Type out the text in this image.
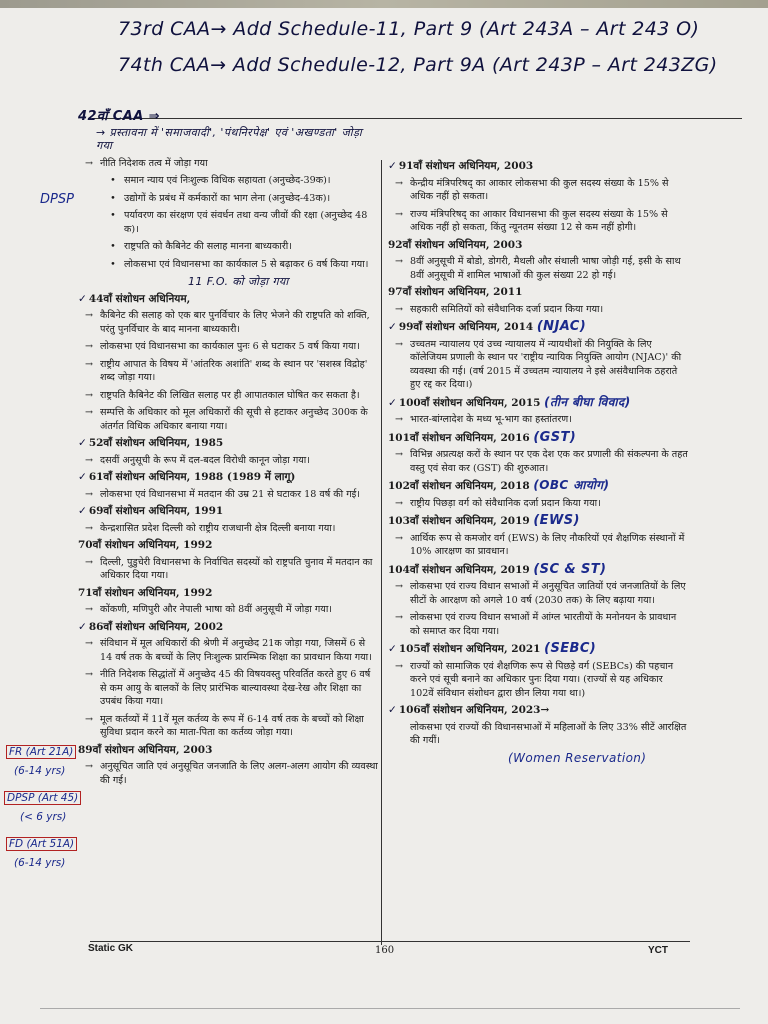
73rd CAA→ Add Schedule-11, Part 9 (Art 243A – Art 243 O)
74th CAA→ Add Schedule-12, Part 9A (Art 243P – Art 243ZG)
42वाँ CAA ⇒
→ प्रस्तावना में 'समाजवादी', 'पंथनिरपेक्ष' एवं 'अखण्डता' जोड़ा गया
→ नीति निदेशक तत्व में जोड़ा गया
• समान न्याय एवं निःशुल्क विधिक सहायता (अनुच्छेद-39क)।
• उद्योगों के प्रबंध में कर्मकारों का भाग लेना (अनुच्छेद-43क)।
• पर्यावरण का संरक्षण एवं संवर्धन तथा वन्य जीवों की रक्षा (अनुच्छेद 48 क)।
• राष्ट्रपति को कैबिनेट की सलाह मानना बाध्यकारी।
• लोकसभा एवं विधानसभा का कार्यकाल 5 से बढ़ाकर 6 वर्ष किया गया।
11 F.O. को जोड़ा गया
✓ 44वाँ संशोधन अधिनियम,
→ कैबिनेट की सलाह को एक बार पुनर्विचार के लिए भेजने की राष्ट्रपति को शक्ति, परंतु पुनर्विचार के बाद मानना बाध्यकारी।
→ लोकसभा एवं विधानसभा का कार्यकाल पुनः 6 से घटाकर 5 वर्ष किया गया।
→ राष्ट्रीय आपात के विषय में 'आंतरिक अशांति' शब्द के स्थान पर 'सशस्त्र विद्रोह' शब्द जोड़ा गया।
→ राष्ट्रपति कैबिनेट की लिखित सलाह पर ही आपातकाल घोषित कर सकता है।
→ सम्पत्ति के अधिकार को मूल अधिकारों की सूची से हटाकर अनुच्छेद 300क के अंतर्गत विधिक अधिकार बनाया गया।
✓ 52वाँ संशोधन अधिनियम, 1985
→ दसवीं अनुसूची के रूप में दल-बदल विरोधी कानून जोड़ा गया।
✓ 61वाँ संशोधन अधिनियम, 1988 (1989 में लागू)
→ लोकसभा एवं विधानसभा में मतदान की उम्र 21 से घटाकर 18 वर्ष की गई।
✓ 69वाँ संशोधन अधिनियम, 1991
→ केन्द्रशासित प्रदेश दिल्ली को राष्ट्रीय राजधानी क्षेत्र दिल्ली बनाया गया।
70वाँ संशोधन अधिनियम, 1992
→ दिल्ली, पुडुचेरी विधानसभा के निर्वाचित सदस्यों को राष्ट्रपति चुनाव में मतदान का अधिकार दिया गया।
71वाँ संशोधन अधिनियम, 1992
→ कोंकणी, मणिपुरी और नेपाली भाषा को 8वीं अनुसूची में जोड़ा गया।
✓ 86वाँ संशोधन अधिनियम, 2002
→ संविधान में मूल अधिकारों की श्रेणी में अनुच्छेद 21क जोड़ा गया, जिसमें 6 से 14 वर्ष तक के बच्चों के लिए निःशुल्क प्रारम्भिक शिक्षा का प्रावधान किया गया।
→ नीति निदेशक सिद्धांतों में अनुच्छेद 45 की विषयवस्तु परिवर्तित करते हुए 6 वर्ष से कम आयु के बालकों के लिए प्रारंभिक बाल्यावस्था देख-रेख और शिक्षा का उपबंध किया गया।
→ मूल कर्तव्यों में 11वें मूल कर्तव्य के रूप में 6-14 वर्ष तक के बच्चों को शिक्षा सुविधा प्रदान करने का माता-पिता का कर्तव्य जोड़ा गया।
89वाँ संशोधन अधिनियम, 2003
→ अनुसूचित जाति एवं अनुसूचित जनजाति के लिए अलग-अलग आयोग की व्यवस्था की गई।
DPSP
FR (Art 21A)
(6-14 yrs)
DPSP (Art 45)
(< 6 yrs)
FD (Art 51A)
(6-14 yrs)
✓ 91वाँ संशोधन अधिनियम, 2003
→ केन्द्रीय मंत्रिपरिषद् का आकार लोकसभा की कुल सदस्य संख्या के 15% से अधिक नहीं हो सकता।
→ राज्य मंत्रिपरिषद् का आकार विधानसभा की कुल सदस्य संख्या के 15% से अधिक नहीं हो सकता, किंतु न्यूनतम संख्या 12 से कम नहीं होगी।
92वाँ संशोधन अधिनियम, 2003
→ 8वीं अनुसूची में बोडो, डोगरी, मैथली और संथाली भाषा जोड़ी गई, इसी के साथ 8वीं अनुसूची में शामिल भाषाओं की कुल संख्या 22 हो गई।
97वाँ संशोधन अधिनियम, 2011
→ सहकारी समितियों को संवैधानिक दर्जा प्रदान किया गया।
✓ 99वाँ संशोधन अधिनियम, 2014 (NJAC)
→ उच्चतम न्यायालय एवं उच्च न्यायालय में न्यायधीशों की नियुक्ति के लिए कॉलेजियम प्रणाली के स्थान पर 'राष्ट्रीय न्यायिक नियुक्ति आयोग (NJAC)' की व्यवस्था की गई। (वर्ष 2015 में उच्चतम न्यायालय ने इसे असंवैधानिक ठहराते हुए रद्द कर दिया।)
✓ 100वाँ संशोधन अधिनियम, 2015 (तीन बीघा विवाद)
→ भारत-बांग्लादेश के मध्य भू-भाग का हस्तांतरण।
101वाँ संशोधन अधिनियम, 2016 (GST)
→ विभिन्न अप्रत्यक्ष करों के स्थान पर एक देश एक कर प्रणाली की संकल्पना के तहत वस्तु एवं सेवा कर (GST) की शुरुआत।
102वाँ संशोधन अधिनियम, 2018 (OBC आयोग)
→ राष्ट्रीय पिछड़ा वर्ग को संवैधानिक दर्जा प्रदान किया गया।
103वाँ संशोधन अधिनियम, 2019 (EWS)
→ आर्थिक रूप से कमजोर वर्ग (EWS) के लिए नौकरियों एवं शैक्षणिक संस्थानों में 10% आरक्षण का प्रावधान।
104वाँ संशोधन अधिनियम, 2019 (SC & ST)
→ लोकसभा एवं राज्य विधान सभाओं में अनुसूचित जातियों एवं जनजातियों के लिए सीटों के आरक्षण को अगले 10 वर्ष (2030 तक) के लिए बढ़ाया गया।
→ लोकसभा एवं राज्य विधान सभाओं में आंग्ल भारतीयों के मनोनयन के प्रावधान को समाप्त कर दिया गया।
✓ 105वाँ संशोधन अधिनियम, 2021 (SEBC)
→ राज्यों को सामाजिक एवं शैक्षणिक रूप से पिछड़े वर्ग (SEBCs) की पहचान करने एवं सूची बनाने का अधिकार पुनः दिया गया। (राज्यों से यह अधिकार 102वें संविधान संशोधन द्वारा छीन लिया गया था।)
✓ 106वाँ संशोधन अधिनियम, 2023→
लोकसभा एवं राज्यों की विधानसभाओं में महिलाओं के लिए 33% सीटें आरक्षित की गयीं।
(Women Reservation)
Static GK	160	YCT
